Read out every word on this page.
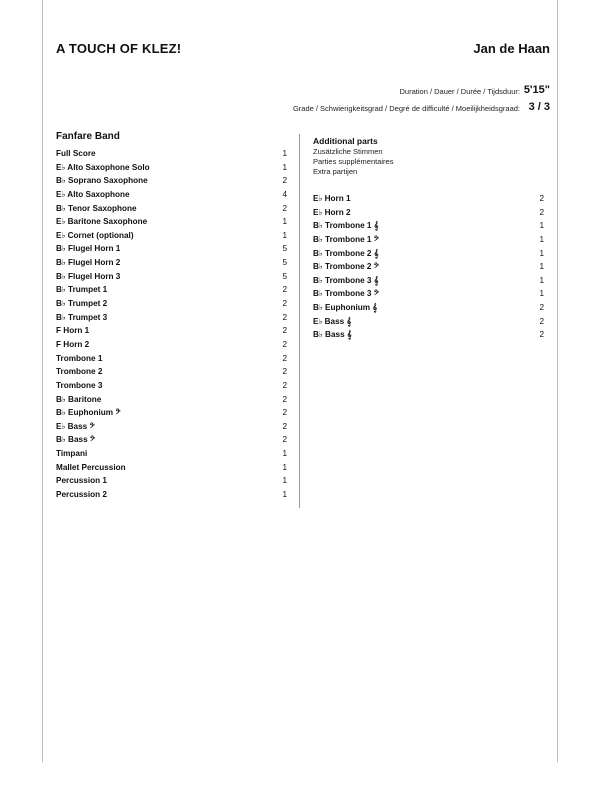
A TOUCH OF KLEZ!	Jan de Haan
Duration / Dauer / Durée / Tijdsduur: 5'15"
Grade / Schwierigkeitsgrad / Degré de difficulté / Moeilijkheidsgraad: 3 / 3
Fanfare Band
Full Score	1
E♭ Alto Saxophone Solo	1
B♭ Soprano Saxophone	2
E♭ Alto Saxophone	4
B♭ Tenor Saxophone	2
E♭ Baritone Saxophone	1
E♭ Cornet (optional)	1
B♭ Flugel Horn 1	5
B♭ Flugel Horn 2	5
B♭ Flugel Horn 3	5
B♭ Trumpet 1	2
B♭ Trumpet 2	2
B♭ Trumpet 3	2
F Horn 1	2
F Horn 2	2
Trombone 1	2
Trombone 2	2
Trombone 3	2
B♭ Baritone	2
B♭ Euphonium 𝄢	2
E♭ Bass 𝄢	2
B♭ Bass 𝄢	2
Timpani	1
Mallet Percussion	1
Percussion 1	1
Percussion 2	1
Additional parts
Zusätzliche Stimmen
Parties supplémentaires
Extra partijen
E♭ Horn 1	2
E♭ Horn 2	2
B♭ Trombone 1 𝄞	1
B♭ Trombone 1 𝄢	1
B♭ Trombone 2 𝄞	1
B♭ Trombone 2 𝄢	1
B♭ Trombone 3 𝄞	1
B♭ Trombone 3 𝄢	1
B♭ Euphonium 𝄞	2
E♭ Bass 𝄞	2
B♭ Bass 𝄞	2
